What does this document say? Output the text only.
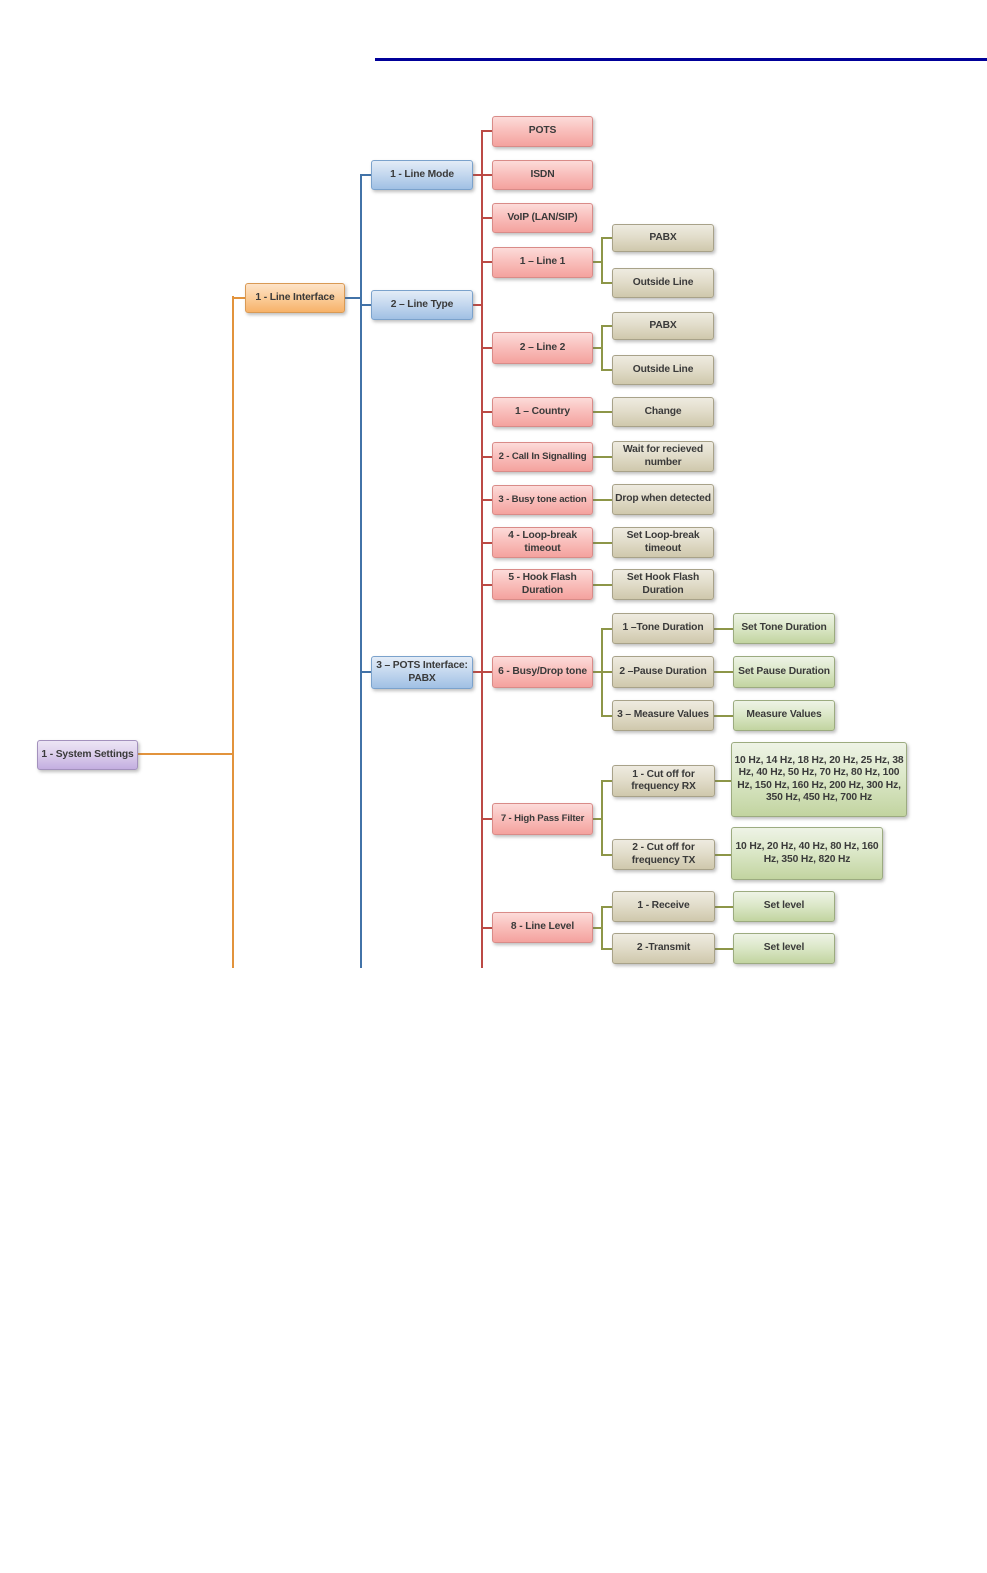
1 - System Settings
1 - Line Interface
1 - Line Mode
2 – Line Type
3 – POTS Interface: PABX
POTS
ISDN
VoIP (LAN/SIP)
1 – Line 1
2 – Line 2
1 – Country
2 - Call In Signalling
3 - Busy tone action
4 - Loop-break timeout
5 - Hook Flash Duration
6 - Busy/Drop tone
7 - High Pass Filter
8 - Line Level
PABX
Outside Line
PABX
Outside Line
Change
Wait for recieved number
Drop when detected
Set Loop-break timeout
Set Hook Flash Duration
1 –Tone Duration
2 –Pause Duration
3 – Measure Values
1 - Cut off for frequency RX
2 - Cut off for frequency TX
1 - Receive
2 -Transmit
Set Tone Duration
Set Pause Duration
Measure Values
10 Hz, 14 Hz, 18 Hz, 20 Hz, 25 Hz, 38 Hz, 40 Hz, 50 Hz, 70 Hz, 80 Hz, 100 Hz, 150 Hz, 160 Hz, 200 Hz, 300 Hz, 350 Hz, 450 Hz, 700 Hz
10 Hz, 20 Hz, 40 Hz, 80 Hz, 160 Hz, 350 Hz, 820 Hz
Set level
Set level
